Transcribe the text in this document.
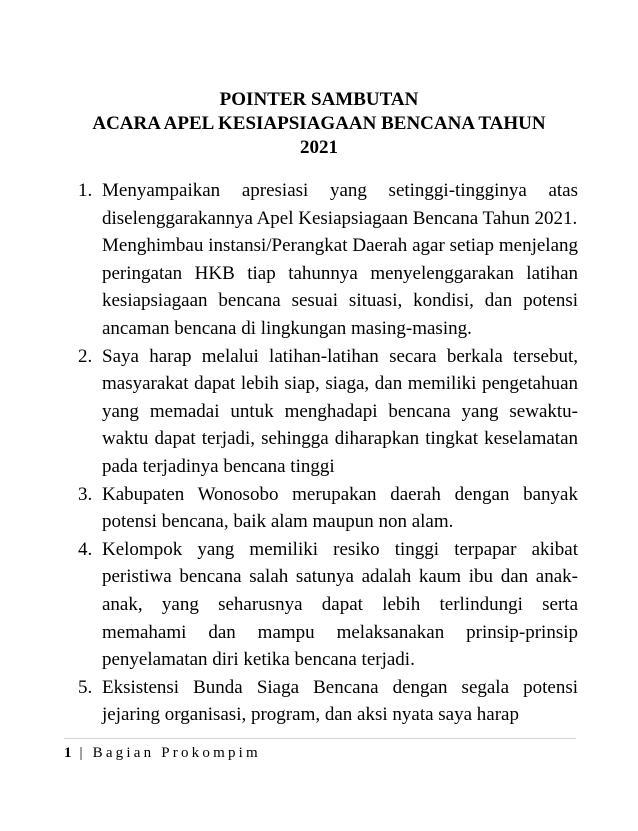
POINTER SAMBUTAN
ACARA APEL KESIAPSIAGAAN BENCANA TAHUN
2021
1. Menyampaikan apresiasi yang setinggi-tingginya atas diselenggarakannya Apel Kesiapsiagaan Bencana Tahun 2021.
Menghimbau instansi/Perangkat Daerah agar setiap menjelang peringatan HKB tiap tahunnya menyelenggarakan latihan kesiapsiagaan bencana sesuai situasi, kondisi, dan potensi ancaman bencana di lingkungan masing-masing.
2. Saya harap melalui latihan-latihan secara berkala tersebut, masyarakat dapat lebih siap, siaga, dan memiliki pengetahuan yang memadai untuk menghadapi bencana yang sewaktu-waktu dapat terjadi, sehingga diharapkan tingkat keselamatan pada terjadinya bencana tinggi
3. Kabupaten Wonosobo merupakan daerah dengan banyak potensi bencana, baik alam maupun non alam.
4. Kelompok yang memiliki resiko tinggi terpapar akibat peristiwa bencana salah satunya adalah kaum ibu dan anak-anak, yang seharusnya dapat lebih terlindungi serta memahami dan mampu melaksanakan prinsip-prinsip penyelamatan diri ketika bencana terjadi.
5. Eksistensi Bunda Siaga Bencana dengan segala potensi jejaring organisasi, program, dan aksi nyata saya harap
1 | Bagian Prokompim
